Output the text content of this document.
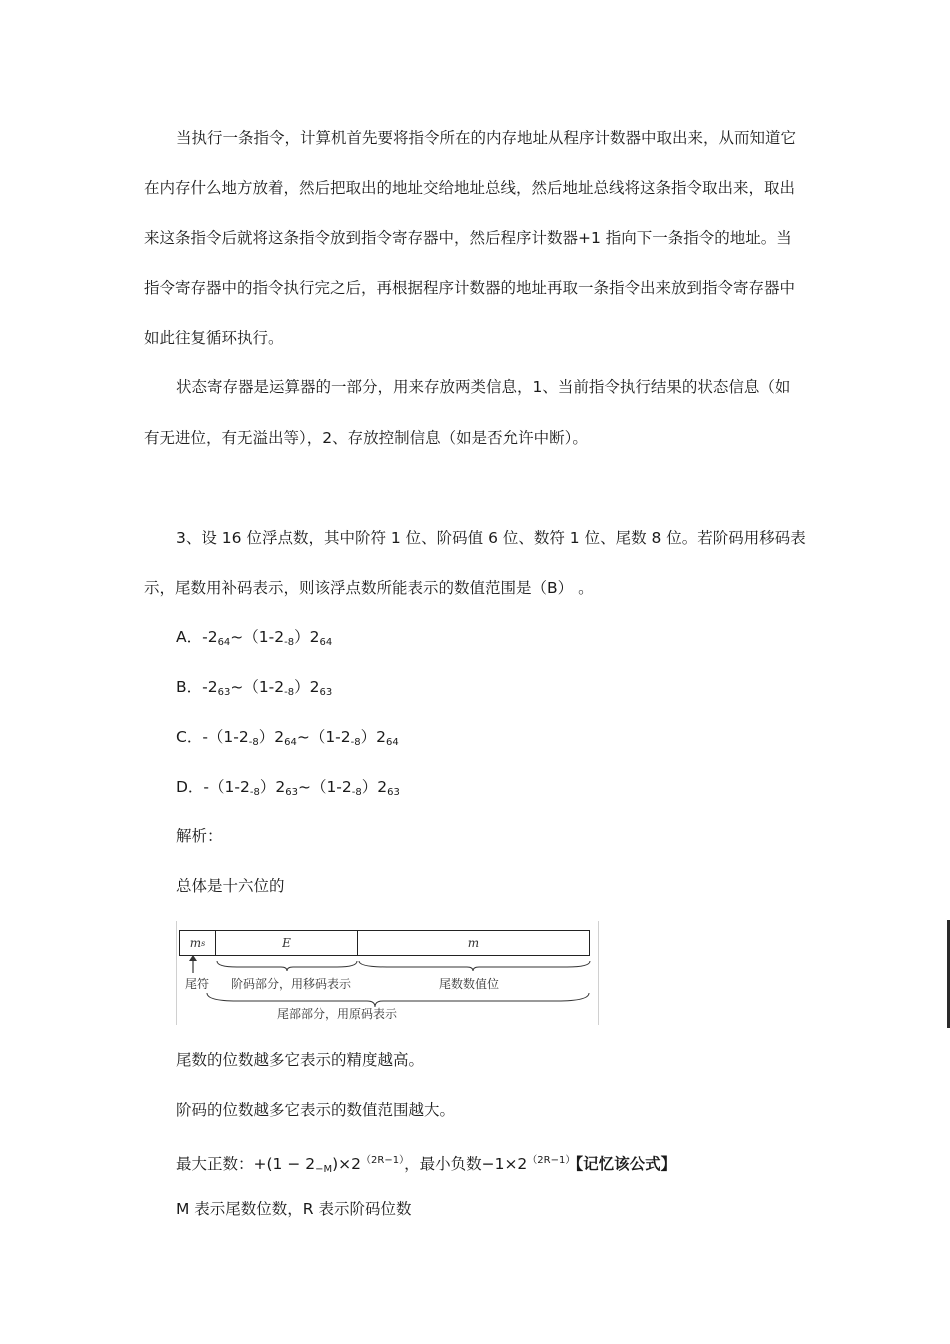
当执行一条指令，计算机首先要将指令所在的内存地址从程序计数器中取出来，从而知道它
在内存什么地方放着，然后把取出的地址交给地址总线，然后地址总线将这条指令取出来，取出
来这条指令后就将这条指令放到指令寄存器中，然后程序计数器+1 指向下一条指令的地址。当
指令寄存器中的指令执行完之后，再根据程序计数器的地址再取一条指令出来放到指令寄存器中
如此往复循环执行。
状态寄存器是运算器的一部分，用来存放两类信息，1、当前指令执行结果的状态信息（如
有无进位，有无溢出等），2、存放控制信息（如是否允许中断）。
3、设 16 位浮点数，其中阶符 1 位、阶码值 6 位、数符 1 位、尾数 8 位。若阶码用移码表
示，尾数用补码表示，则该浮点数所能表示的数值范围是（B） 。
A．$-2_{64}\sim(1-2_{-8})2_{64}$
B．$-2_{63}\sim(1-2_{-8})2_{63}$
C．$-(1-2_{-8})2_{64}\sim(1-2_{-8})2_{64}$
D．$-(1-2_{-8})2_{63}\sim(1-2_{-8})2_{63}$
解析：
总体是十六位的
m s	E	m
尾符 阶码部分，用移码表示	尾数数值位
尾部部分，用原码表示
尾数的位数越多它表示的精度越高。
阶码的位数越多它表示的数值范围越大。
最大正数：$+(1 - 2_{-M})\times 2^{(2R-1)}$，最小负数$-1\times 2^{(2R-1)}$【记忆该公式】
M 表示尾数位数，R 表示阶码位数
